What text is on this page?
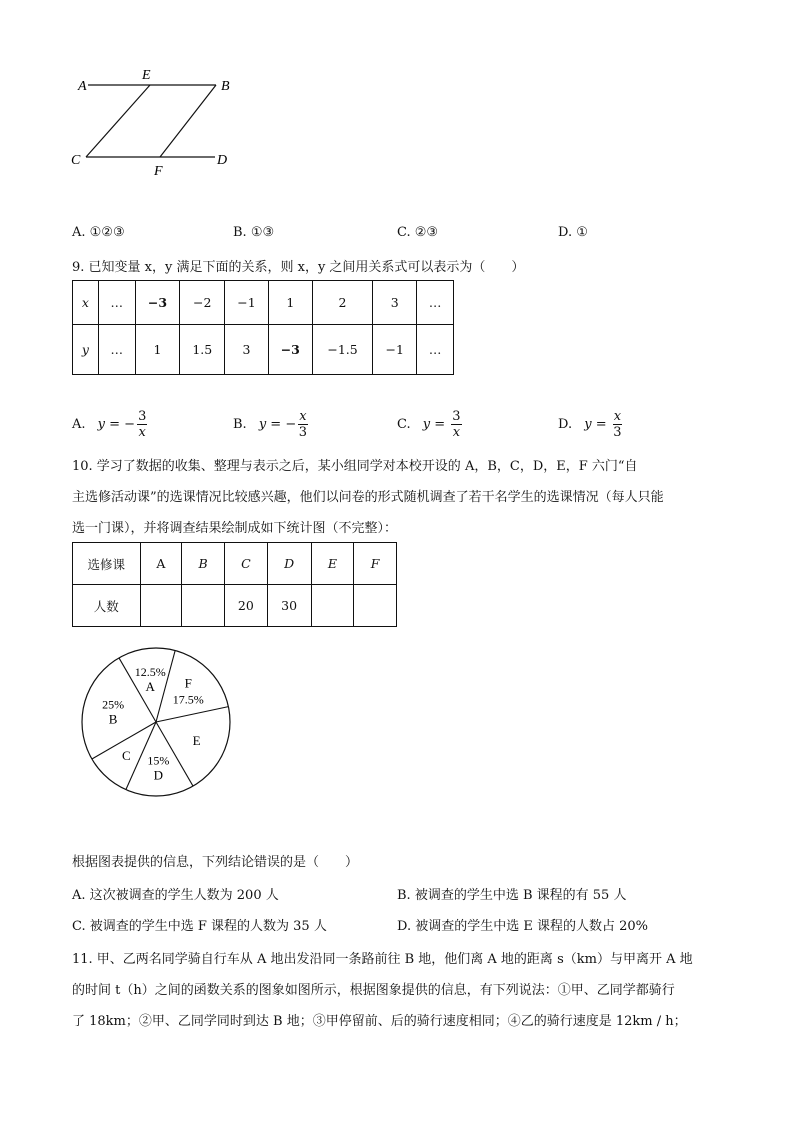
A
E
B
C
F
D
A. ①②③	B. ①③	C. ②③	D. ①
9. 已知变量 x，y 满足下面的关系，则 x，y 之间用关系式可以表示为（　　）
x	…	−3	−2	−1	1	2	3	…
y	…	1	1.5	3	−3	−1.5	−1	…
A. y = − $\frac{3}{x}$	B. y = − $\frac{x}{3}$	C. $y = \frac{3}{x}$	D. $y = \frac{x}{3}$
10. 学习了数据的收集、整理与表示之后，某小组同学对本校开设的 A，B，C，D，E，F 六门“自
主选修活动课”的选课情况比较感兴趣，他们以问卷的形式随机调查了若干名学生的选课情况（每人只能
选一门课），并将调查结果绘制成如下统计图（不完整）：
选修课	A	B	C	D	E	F
人数			20	30		
12.5%
A F
17.5%
E
15%
D
C
25%
B
根据图表提供的信息，下列结论错误的是（　　）
A. 这次被调查的学生人数为 200 人	B. 被调查的学生中选 B 课程的有 55 人
C. 被调查的学生中选 F 课程的人数为 35 人	D. 被调查的学生中选 E 课程的人数占 20%
11. 甲、乙两名同学骑自行车从 A 地出发沿同一条路前往 B 地，他们离 A 地的距离 s（km）与甲离开 A 地
的时间 t（h）之间的函数关系的图象如图所示，根据图象提供的信息，有下列说法：①甲、乙同学都骑行
了 18km；②甲、乙同学同时到达 B 地；③甲停留前、后的骑行速度相同；④乙的骑行速度是 12km / h；
